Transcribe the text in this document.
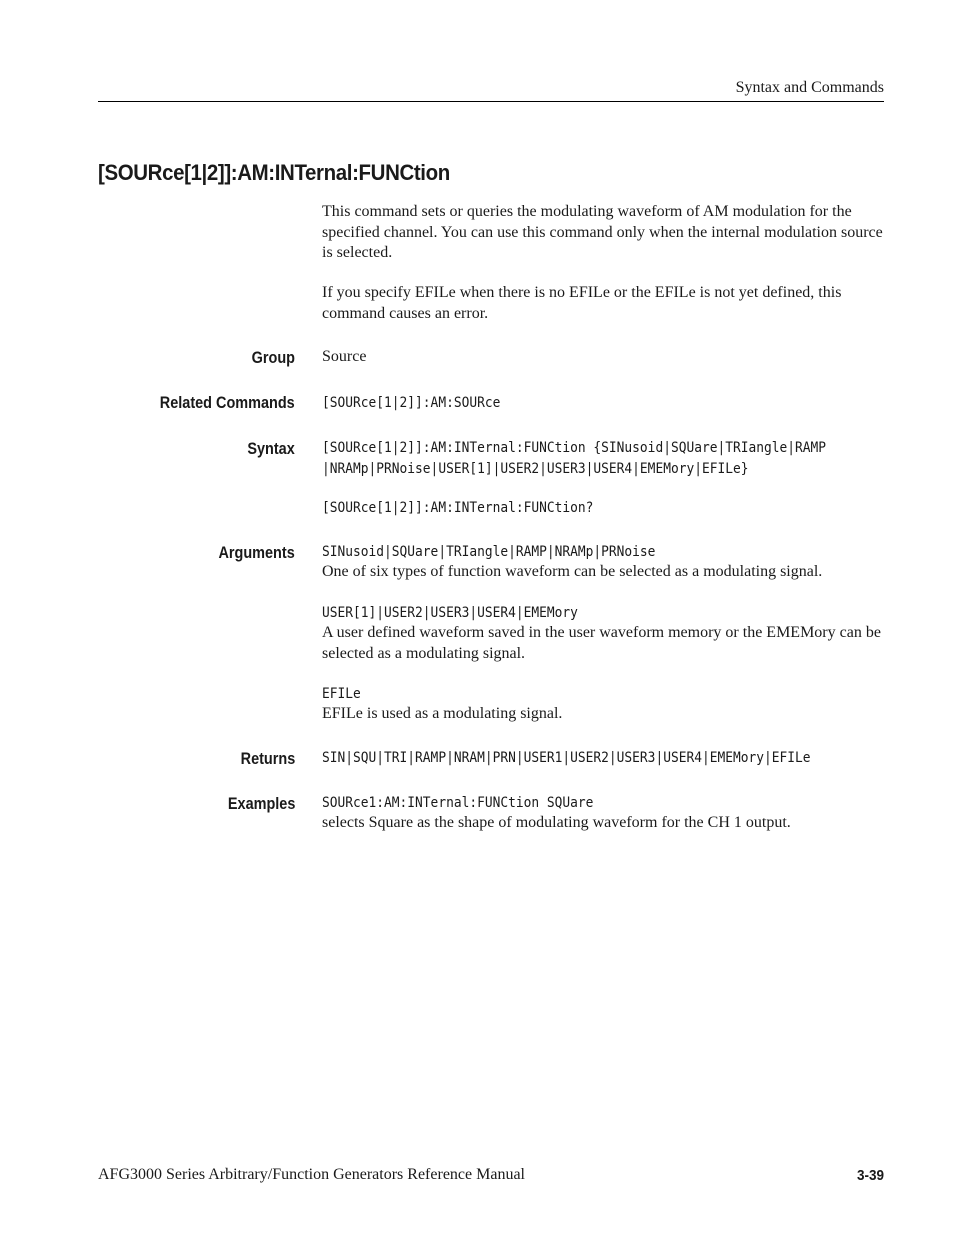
Syntax and Commands
[SOURce[1|2]]:AM:INTernal:FUNCtion

This command sets or queries the modulating waveform of AM modulation for the specified channel. You can use this command only when the internal modulation source is selected.

If you specify EFILe when there is no EFILe or the EFILe is not yet defined, this command causes an error.

Group Source

Related Commands [SOURce[1|2]]:AM:SOURce
Syntax [SOURce[1|2]]:AM:INTernal:FUNCtion {SINusoid|SQUare|TRIangle|RAMP
|NRAMp|PRNoise|USER[1]|USER2|USER3|USER4|EMEMory|EFILe}
[SOURce[1|2]]:AM:INTernal:FUNCtion?
Arguments SINusoid|SQUare|TRIangle|RAMP|NRAMp|PRNoise

One of six types of function waveform can be selected as a modulating signal.

USER[1]|USER2|USER3|USER4|EMEMory

A user defined waveform saved in the user waveform memory or the EMEMory can be selected as a modulating signal.

EFILe

EFILe is used as a modulating signal.

Returns SIN|SQU|TRI|RAMP|NRAM|PRN|USER1|USER2|USER3|USER4|EMEMory|EFILe
Examples SOURce1:AM:INTernal:FUNCtion SQUare

selects Square as the shape of modulating waveform for the CH 1 output.

AFG3000 Series Arbitrary/Function Generators Reference Manual	3-39
